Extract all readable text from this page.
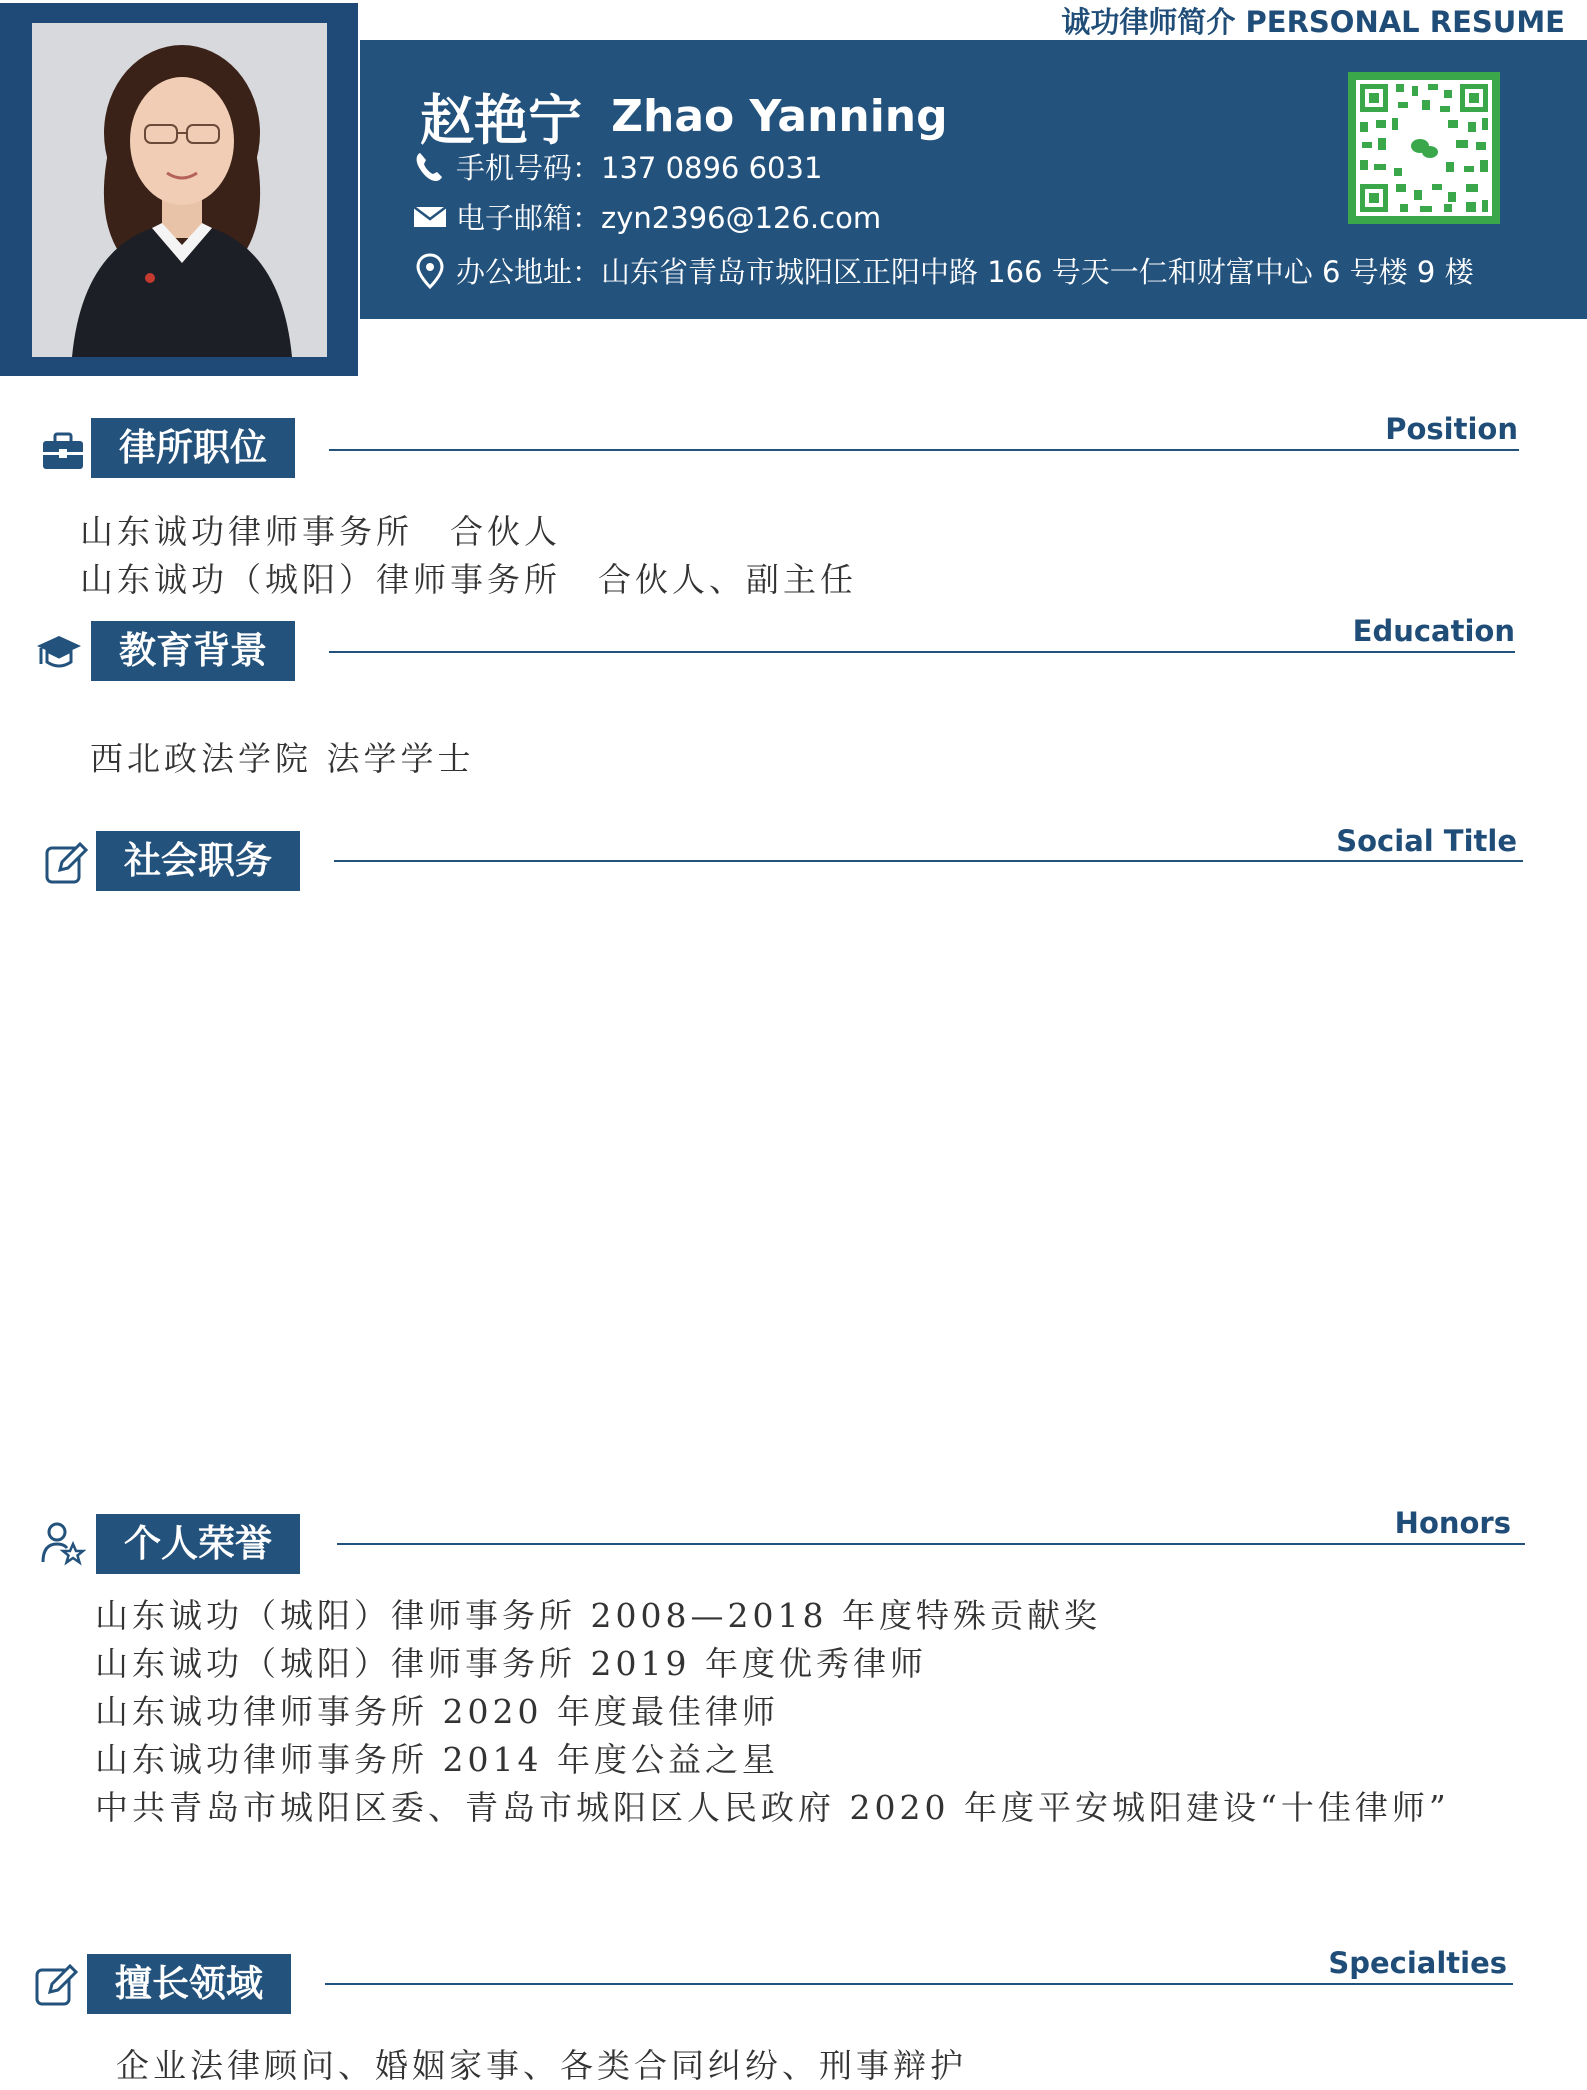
诚功律师简介 PERSONAL RESUME
赵艳宁 Zhao Yanning
手机号码：137 0896 6031
电子邮箱：zyn2396@126.com
办公地址：山东省青岛市城阳区正阳中路 166 号天一仁和财富中心 6 号楼 9 楼
律所职位	Position
山东诚功律师事务所　合伙人
山东诚功（城阳）律师事务所　合伙人、副主任
教育背景	Education
西北政法学院 法学学士
社会职务	Social Title
个人荣誉	Honors
山东诚功（城阳）律师事务所 2008—2018 年度特殊贡献奖
山东诚功（城阳）律师事务所 2019 年度优秀律师
山东诚功律师事务所 2020 年度最佳律师
山东诚功律师事务所 2014 年度公益之星
中共青岛市城阳区委、青岛市城阳区人民政府 2020 年度平安城阳建设“十佳律师”
擅长领域	Specialties
企业法律顾问、婚姻家事、各类合同纠纷、刑事辩护
